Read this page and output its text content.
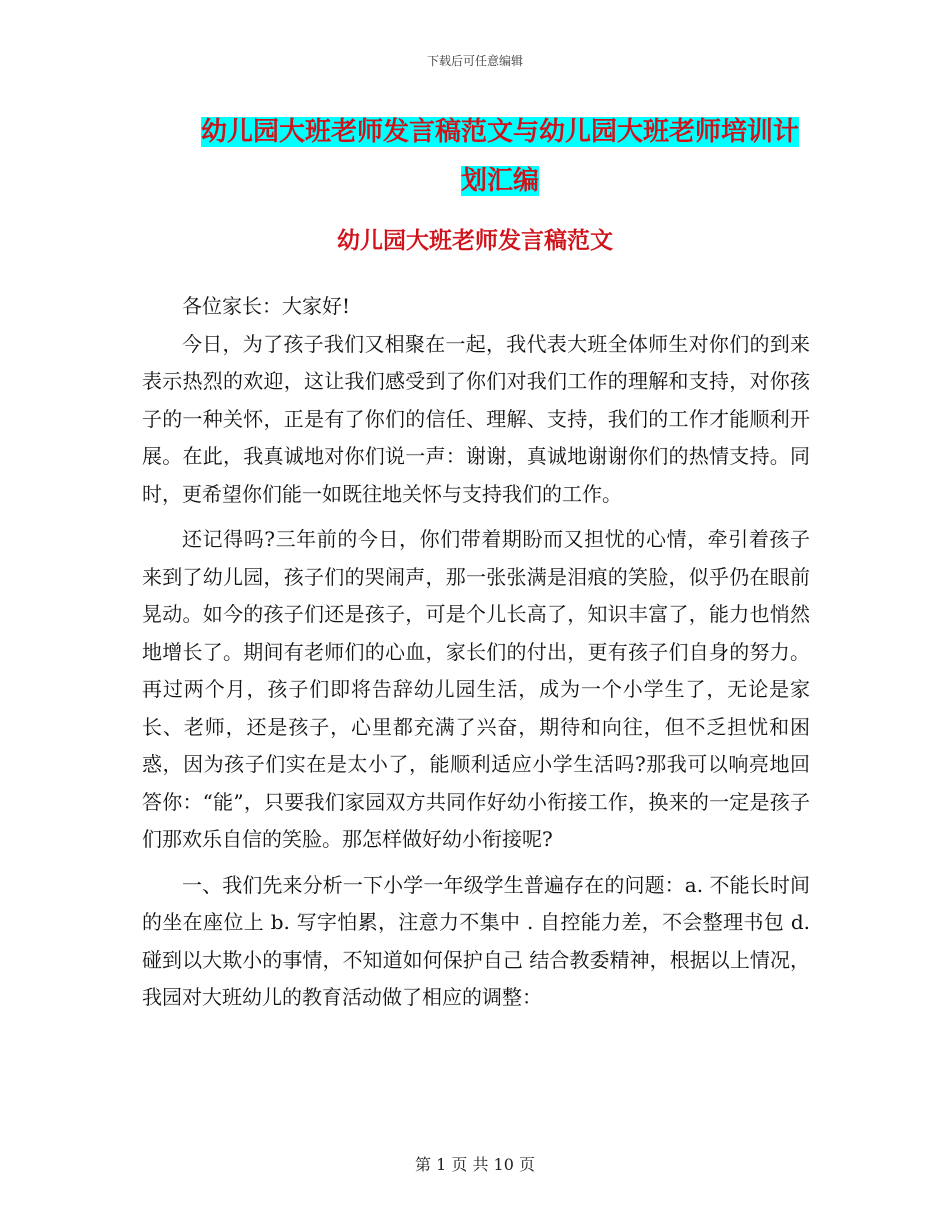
下载后可任意编辑
幼儿园大班老师发言稿范文与幼儿园大班老师培训计划汇编
幼儿园大班老师发言稿范文

各位家长：大家好!

今日，为了孩子我们又相聚在一起，我代表大班全体师生对你们的到来表示热烈的欢迎，这让我们感受到了你们对我们工作的理解和支持，对你孩子的一种关怀，正是有了你们的信任、理解、支持，我们的工作才能顺利开展。在此，我真诚地对你们说一声：谢谢，真诚地谢谢你们的热情支持。同时，更希望你们能一如既往地关怀与支持我们的工作。

还记得吗?三年前的今日，你们带着期盼而又担忧的心情，牵引着孩子来到了幼儿园，孩子们的哭闹声，那一张张满是泪痕的笑脸，似乎仍在眼前晃动。如今的孩子们还是孩子，可是个儿长高了，知识丰富了，能力也悄然地增长了。期间有老师们的心血，家长们的付出，更有孩子们自身的努力。 再过两个月，孩子们即将告辞幼儿园生活，成为一个小学生了，无论是家长、老师，还是孩子，心里都充满了兴奋，期待和向往，但不乏担忧和困惑，因为孩子们实在是太小了，能顺利适应小学生活吗?那我可以响亮地回答你：“能”，只要我们家园双方共同作好幼小衔接工作，换来的一定是孩子们那欢乐自信的笑脸。那怎样做好幼小衔接呢?

一、我们先来分析一下小学一年级学生普遍存在的问题：a. 不能长时间的坐在座位上 b. 写字怕累，注意力不集中 . 自控能力差，不会整理书包 d. 碰到以大欺小的事情，不知道如何保护自己 结合教委精神，根据以上情况，我园对大班幼儿的教育活动做了相应的调整：

第 1 页 共 10 页
